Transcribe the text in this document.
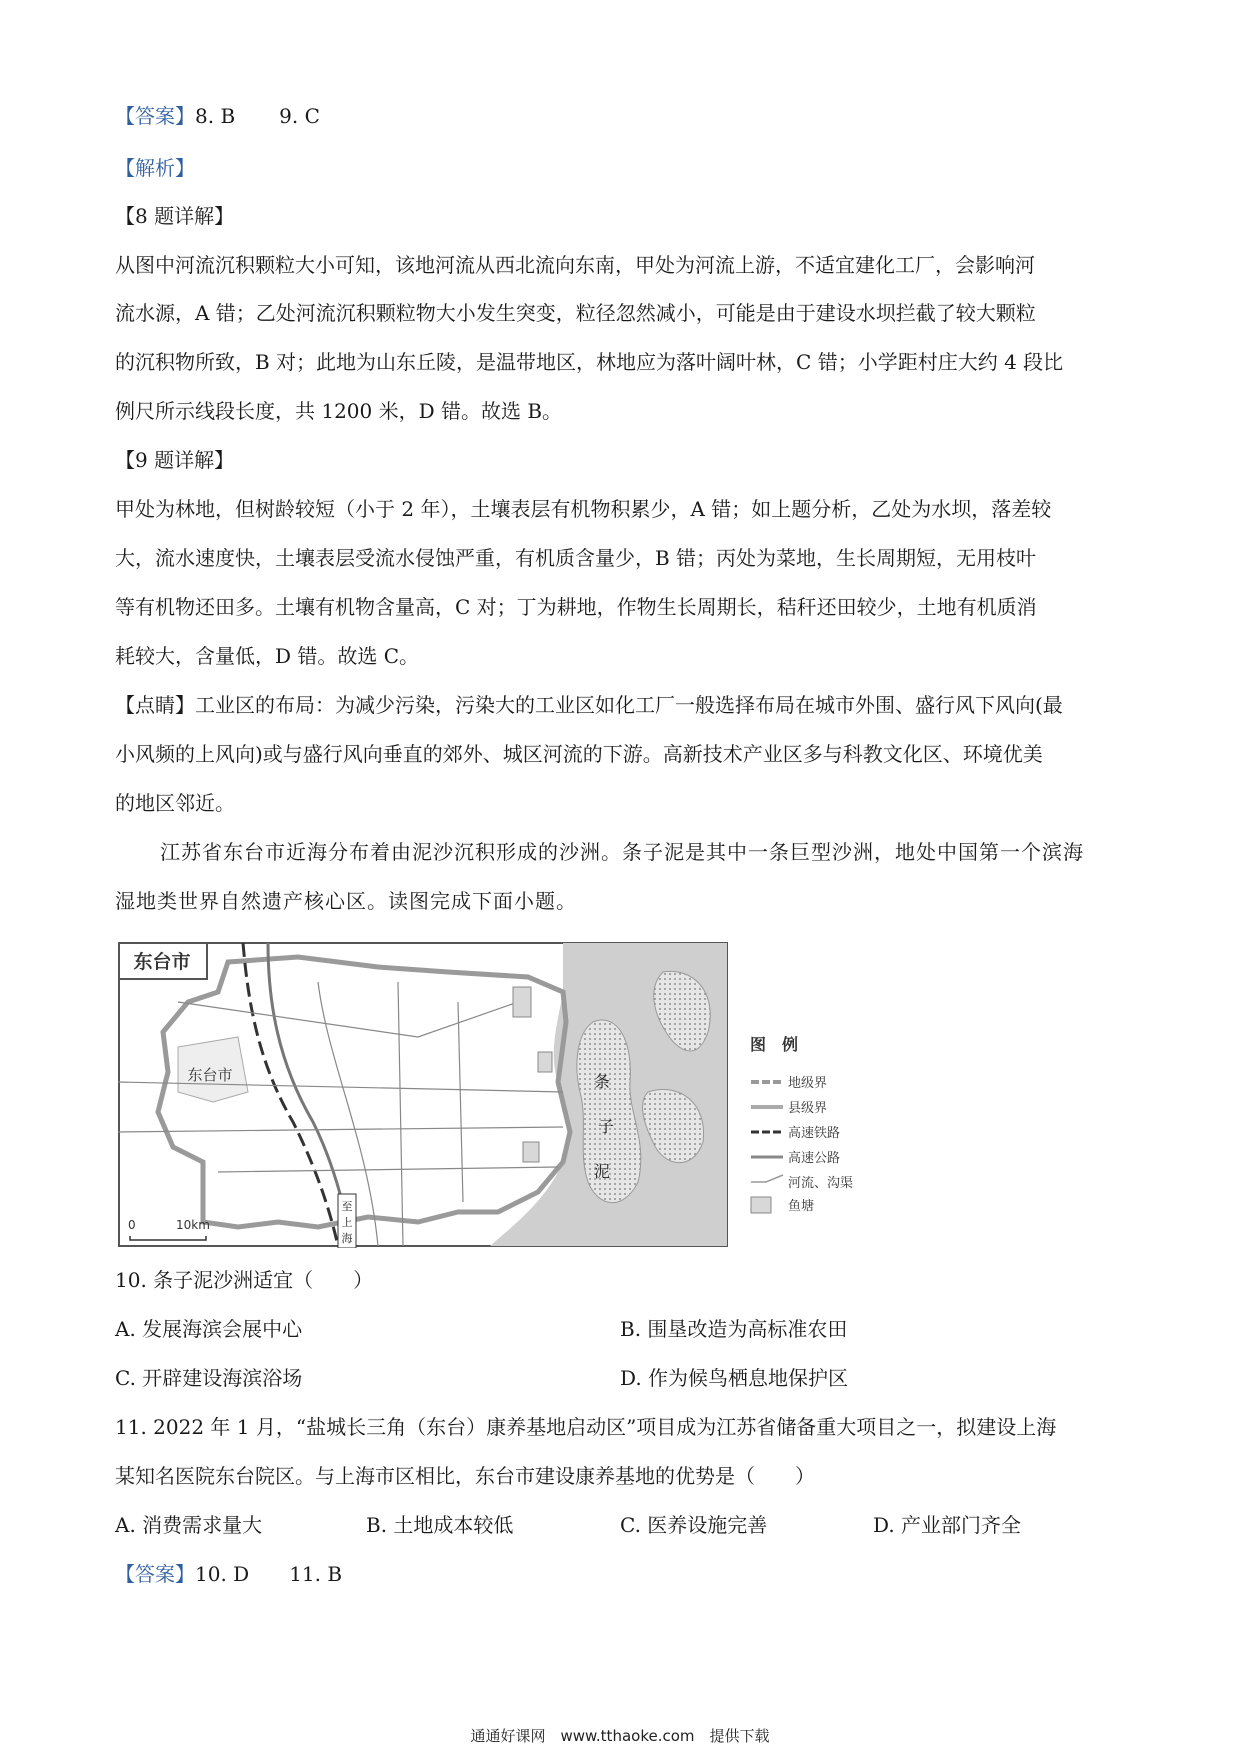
【答案】8. B 9. C
【解析】
【8 题详解】
从图中河流沉积颗粒大小可知，该地河流从西北流向东南，甲处为河流上游，不适宜建化工厂，会影响河
流水源，A 错；乙处河流沉积颗粒物大小发生突变，粒径忽然减小，可能是由于建设水坝拦截了较大颗粒
的沉积物所致，B 对；此地为山东丘陵，是温带地区，林地应为落叶阔叶林，C 错；小学距村庄大约 4 段比
例尺所示线段长度，共 1200 米，D 错。故选 B。
【9 题详解】
甲处为林地，但树龄较短（小于 2 年），土壤表层有机物积累少，A 错；如上题分析，乙处为水坝，落差较
大，流水速度快，土壤表层受流水侵蚀严重，有机质含量少，B 错；丙处为菜地，生长周期短，无用枝叶
等有机物还田多。土壤有机物含量高，C 对；丁为耕地，作物生长周期长，秸秆还田较少，土地有机质消
耗较大，含量低，D 错。故选 C。
【点睛】工业区的布局：为减少污染，污染大的工业区如化工厂一般选择布局在城市外围、盛行风下风向(最
小风频的上风向)或与盛行风向垂直的郊外、城区河流的下游。高新技术产业区多与科教文化区、环境优美
的地区邻近。
江苏省东台市近海分布着由泥沙沉积形成的沙洲。条子泥是其中一条巨型沙洲，地处中国第一个滨海
湿地类世界自然遗产核心区。读图完成下面小题。
东台市
东台市	条
子
泥
至
上
海
0	10km
图　例
地级界
县级界
高速铁路
高速公路
河流、沟渠
鱼塘
10. 条子泥沙洲适宜（　　）
A. 发展海滨会展中心	B. 围垦改造为高标准农田
C. 开辟建设海滨浴场	D. 作为候鸟栖息地保护区
11. 2022 年 1 月，“盐城长三角（东台）康养基地启动区”项目成为江苏省储备重大项目之一，拟建设上海
某知名医院东台院区。与上海市区相比，东台市建设康养基地的优势是（　　）
A. 消费需求量大	B. 土地成本较低	C. 医养设施完善	D. 产业部门齐全
【答案】10. D 11. B
通通好课网　www.tthaoke.com　提供下载
